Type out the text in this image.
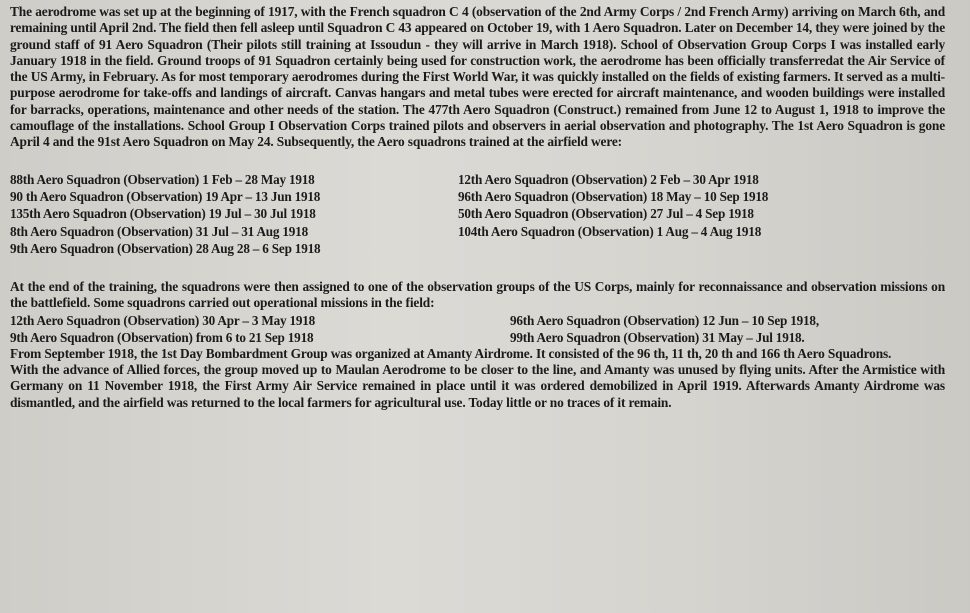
The aerodrome was set up at the beginning of 1917, with the French squadron C 4 (observation of the 2nd Army Corps / 2nd French Army) arriving on March 6th, and remaining until April 2nd. The field then fell asleep until Squadron C 43 appeared on October 19, with 1 Aero Squadron. Later on December 14, they were joined by the ground staff of 91 Aero Squadron (Their pilots still training at Issoudun - they will arrive in March 1918). School of Observation Group Corps I was installed early January 1918 in the field. Ground troops of 91 Squadron certainly being used for construction work, the aerodrome has been officially transferredat the Air Service of the US Army, in February. As for most temporary aerodromes during the First World War, it was quickly installed on the fields of existing farmers. It served as a multi-purpose aerodrome for take-offs and landings of aircraft. Canvas hangars and metal tubes were erected for aircraft maintenance, and wooden buildings were installed for barracks, operations, maintenance and other needs of the station. The 477th Aero Squadron (Construct.) remained from June 12 to August 1, 1918 to improve the camouflage of the installations. School Group I Observation Corps trained pilots and observers in aerial observation and photography. The 1st Aero Squadron is gone April 4 and the 91st Aero Squadron on May 24. Subsequently, the Aero squadrons trained at the airfield were:

88th Aero Squadron (Observation) 1 Feb – 28 May 1918
90 th Aero Squadron (Observation) 19 Apr – 13 Jun 1918
135th Aero Squadron (Observation) 19 Jul – 30 Jul 1918
8th Aero Squadron (Observation) 31 Jul – 31 Aug 1918
9th Aero Squadron (Observation) 28 Aug 28 – 6 Sep 1918
12th Aero Squadron (Observation) 2 Feb – 30 Apr 1918
96th Aero Squadron (Observation) 18 May – 10 Sep 1918
50th Aero Squadron (Observation) 27 Jul – 4 Sep 1918
104th Aero Squadron (Observation) 1 Aug – 4 Aug 1918

At the end of the training, the squadrons were then assigned to one of the observation groups of the US Corps, mainly for reconnaissance and observation missions on the battlefield. Some squadrons carried out operational missions in the field:

12th Aero Squadron (Observation) 30 Apr – 3 May 1918
9th Aero Squadron (Observation) from 6 to 21 Sep 1918
96th Aero Squadron (Observation) 12 Jun – 10 Sep 1918,
99th Aero Squadron (Observation) 31 May – Jul 1918.

From September 1918, the 1st Day Bombardment Group was organized at Amanty Airdrome. It consisted of the 96 th, 11 th, 20 th and 166 th Aero Squadrons.

With the advance of Allied forces, the group moved up to Maulan Aerodrome to be closer to the line, and Amanty was unused by flying units. After the Armistice with Germany on 11 November 1918, the First Army Air Service remained in place until it was ordered demobilized in April 1919. Afterwards Amanty Airdrome was dismantled, and the airfield was returned to the local farmers for agricultural use. Today little or no traces of it remain.
